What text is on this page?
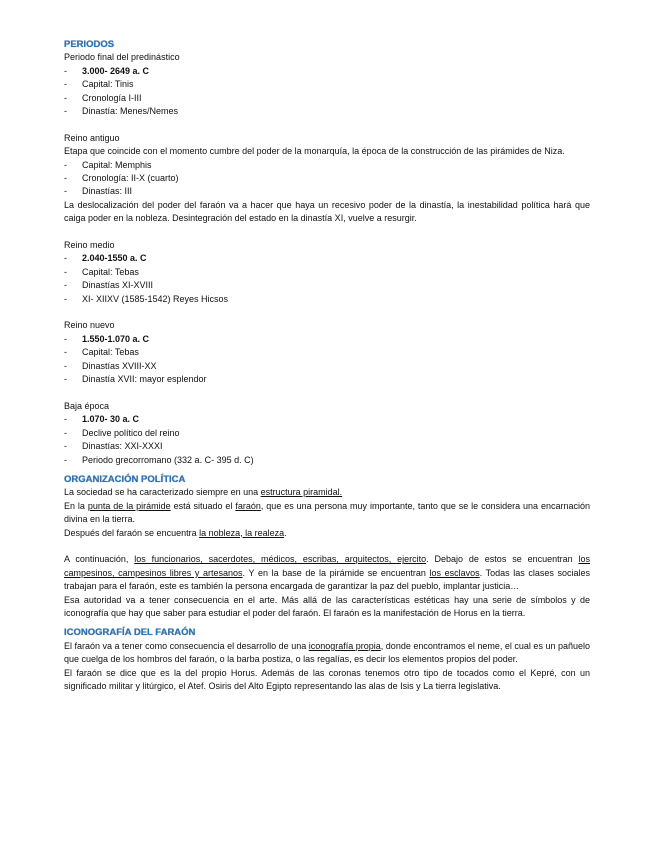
PERIODOS
Periodo final del predinástico
-	3.000- 2649 a. C
-	Capital: Tinis
-	Cronología I-III
-	Dinastía: Menes/Nemes
Reino antiguo
Etapa que coincide con el momento cumbre del poder de la monarquía, la época de la construcción de las pirámides de Niza.
-	Capital: Memphis
-	Cronología: II-X (cuarto)
-	Dinastías: III
La deslocalización del poder del faraón va a hacer que haya un recesivo poder de la dinastía, la inestabilidad política hará que caiga poder en la nobleza. Desintegración del estado en la dinastía XI, vuelve a resurgir.
Reino medio
-	2.040-1550 a. C
-	Capital: Tebas
-	Dinastías XI-XVIII
-	XI- XIIXV (1585-1542) Reyes Hicsos
Reino nuevo
-	1.550-1.070 a. C
-	Capital: Tebas
-	Dinastías XVIII-XX
-	Dinastía XVII: mayor esplendor
Baja época
-	1.070- 30 a. C
-	Declive político del reino
-	Dinastías: XXI-XXXI
-	Periodo grecorromano (332 a. C- 395 d. C)
ORGANIZACIÓN POLÍTICA
La sociedad se ha caracterizado siempre en una estructura piramidal.
En la punta de la pirámide está situado el faraón, que es una persona muy importante, tanto que se le considera una encarnación divina en la tierra.
Después del faraón se encuentra la nobleza, la realeza.
A continuación, los funcionarios, sacerdotes, médicos, escribas, arquitectos, ejercito. Debajo de estos se encuentran los campesinos, campesinos libres y artesanos. Y en la base de la pirámide se encuentran los esclavos. Todas las clases sociales trabajan para el faraón, este es también la persona encargada de garantizar la paz del pueblo, implantar justicia…
Esa autoridad va a tener consecuencia en el arte. Más allá de las características estéticas hay una serie de símbolos y de iconografía que hay que saber para estudiar el poder del faraón. El faraón es la manifestación de Horus en la tierra.
ICONOGRAFÍA DEL FARAÓN
El faraón va a tener como consecuencia el desarrollo de una iconografía propia, donde encontramos el neme, el cual es un pañuelo que cuelga de los hombros del faraón, o la barba postiza, o las regalías, es decir los elementos propios del poder.
El faraón se dice que es la del propio Horus. Además de las coronas tenemos otro tipo de tocados como el Kepré, con un significado militar y litúrgico, el Atef. Osiris del Alto Egipto representando las alas de Isis y La tierra legislativa.
